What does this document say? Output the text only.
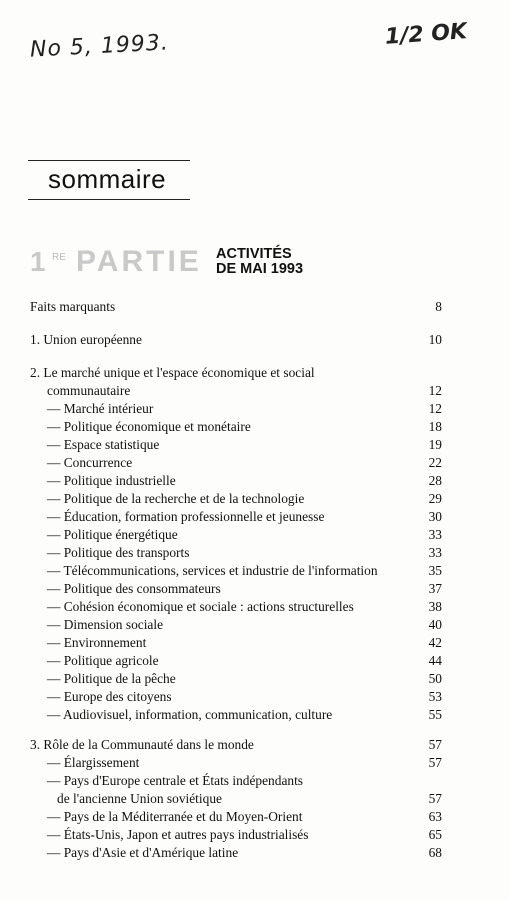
No 5, 1993.	1/2 OK
sommaire
1 RE PARTIE ACTIVITÉS
DE MAI 1993
Faits marquants	8
1. Union européenne	10
2. Le marché unique et l'espace économique et social
communautaire	12
— Marché intérieur	12
— Politique économique et monétaire	18
— Espace statistique	19
— Concurrence	22
— Politique industrielle	28
— Politique de la recherche et de la technologie	29
— Éducation, formation professionnelle et jeunesse	30
— Politique énergétique	33
— Politique des transports	33
— Télécommunications, services et industrie de l'information	35
— Politique des consommateurs	37
— Cohésion économique et sociale : actions structurelles	38
— Dimension sociale	40
— Environnement	42
— Politique agricole	44
— Politique de la pêche	50
— Europe des citoyens	53
— Audiovisuel, information, communication, culture	55
3. Rôle de la Communauté dans le monde	57
— Élargissement	57
— Pays d'Europe centrale et États indépendants
de l'ancienne Union soviétique	57
— Pays de la Méditerranée et du Moyen-Orient	63
— États-Unis, Japon et autres pays industrialisés	65
— Pays d'Asie et d'Amérique latine	68
